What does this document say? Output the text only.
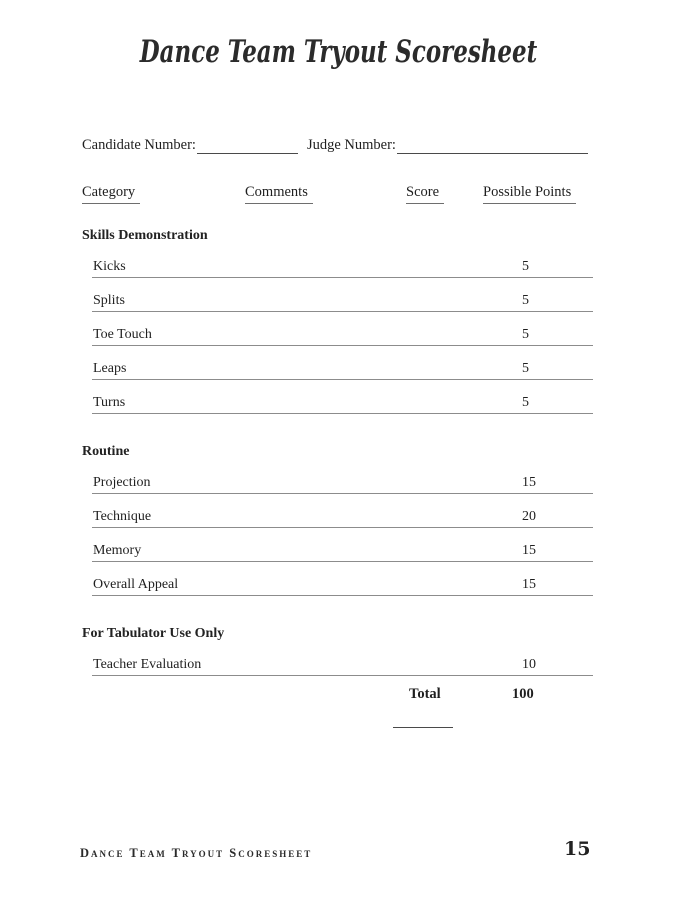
Dance Team Tryout Scoresheet
Candidate Number:	Judge Number:
Category	Comments	Score	Possible Points
Skills Demonstration
Kicks	5
Splits	5
Toe Touch	5
Leaps	5
Turns	5
Routine
Projection	15
Technique	20
Memory	15
Overall Appeal	15
For Tabulator Use Only
Teacher Evaluation	10
Total	100
Dance Team Tryout Scoresheet	15
